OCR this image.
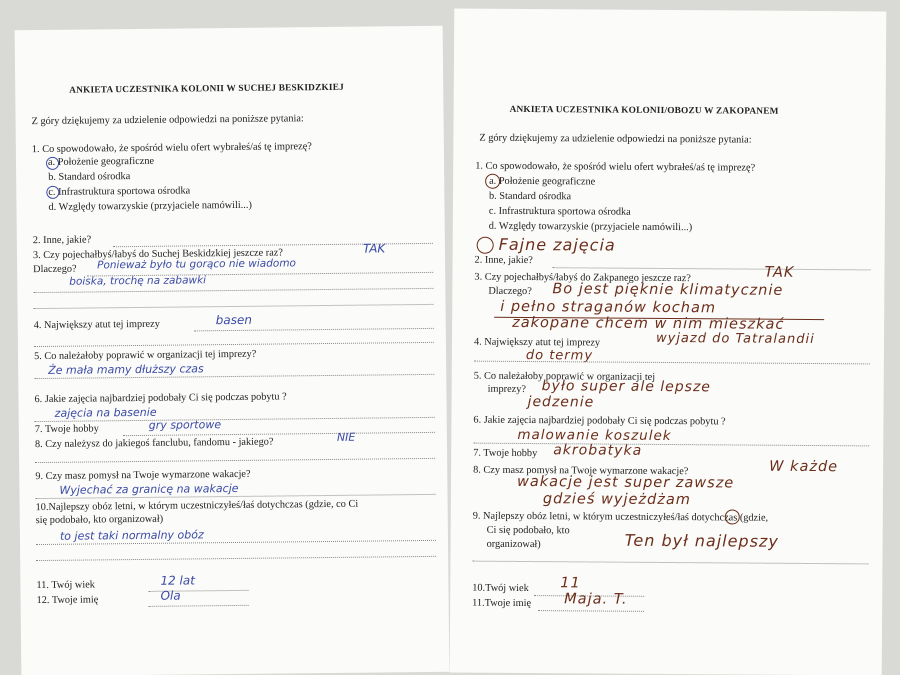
ANKIETA UCZESTNIKA KOLONII W SUCHEJ BESKIDZKIEJ
Z góry dziękujemy za udzielenie odpowiedzi na poniższe pytania:
1. Co spowodowało, że spośród wielu ofert wybrałeś/aś tę imprezę?
a. Położenie geograficzne
b. Standard ośrodka
c. Infrastruktura sportowa ośrodka
d. Względy towarzyskie (przyjaciele namówili...)
2. Inne, jakie?
3. Czy pojechałbyś/łabyś do Suchej Beskidzkiej jeszcze raz?	TAK
Dlaczego? Ponieważ było tu gorąco nie wiadomo
boiska, trochę na zabawki
4. Największy atut tej imprezy	basen
5. Co należałoby poprawić w organizacji tej imprezy?
Że mała mamy dłuższy czas
6. Jakie zajęcia najbardziej podobały Ci się podczas pobytu ?
zajęcia na basenie
7. Twoje hobby	gry sportowe
8. Czy należysz do jakiegoś fanclubu, fandomu - jakiego?	NIE
9. Czy masz pomysł na Twoje wymarzone wakacje?
Wyjechać za granicę na wakacje
10.Najlepszy obóz letni, w którym uczestniczyłeś/łaś dotychczas (gdzie, co Ci
się podobało, kto organizował)
to jest taki normalny obóz
11. Twój wiek	12 lat
12. Twoje imię	Ola
ANKIETA UCZESTNIKA KOLONII/OBOZU W ZAKOPANEM
Z góry dziękujemy za udzielenie odpowiedzi na poniższe pytania:
1. Co spowodowało, że spośród wielu ofert wybrałeś/aś tę imprezę?
a. Położenie geograficzne
b. Standard ośrodka
c. Infrastruktura sportowa ośrodka
d. Względy towarzyskie (przyjaciele namówili...)
Fajne zajęcia
2. Inne, jakie?
3. Czy pojechałbyś/łabyś do Zakpanego jeszcze raz?	TAK
Dlaczego? Bo jest pięknie klimatycznie
i pełno straganów kocham
zakopane chcem w nim mieszkać
4. Największy atut tej imprezy	wyjazd do Tatralandii
do termy
5. Co należałoby poprawić w organizacji tej
imprezy? było super ale lepsze
jedzenie
6. Jakie zajęcia najbardziej podobały Ci się podczas pobytu ?
malowanie koszulek
7. Twoje hobby akrobatyka
8. Czy masz pomysł na Twoje wymarzone wakacje?	W każde
wakacje jest super zawsze
gdzieś wyjeżdżam
9. Najlepszy obóz letni, w którym uczestniczyłeś/łaś dotychczas (gdzie,
Ci się podobało, kto
organizował)	Ten był najlepszy
10.Twój wiek 11
11.Twoje imię Maja. T.
